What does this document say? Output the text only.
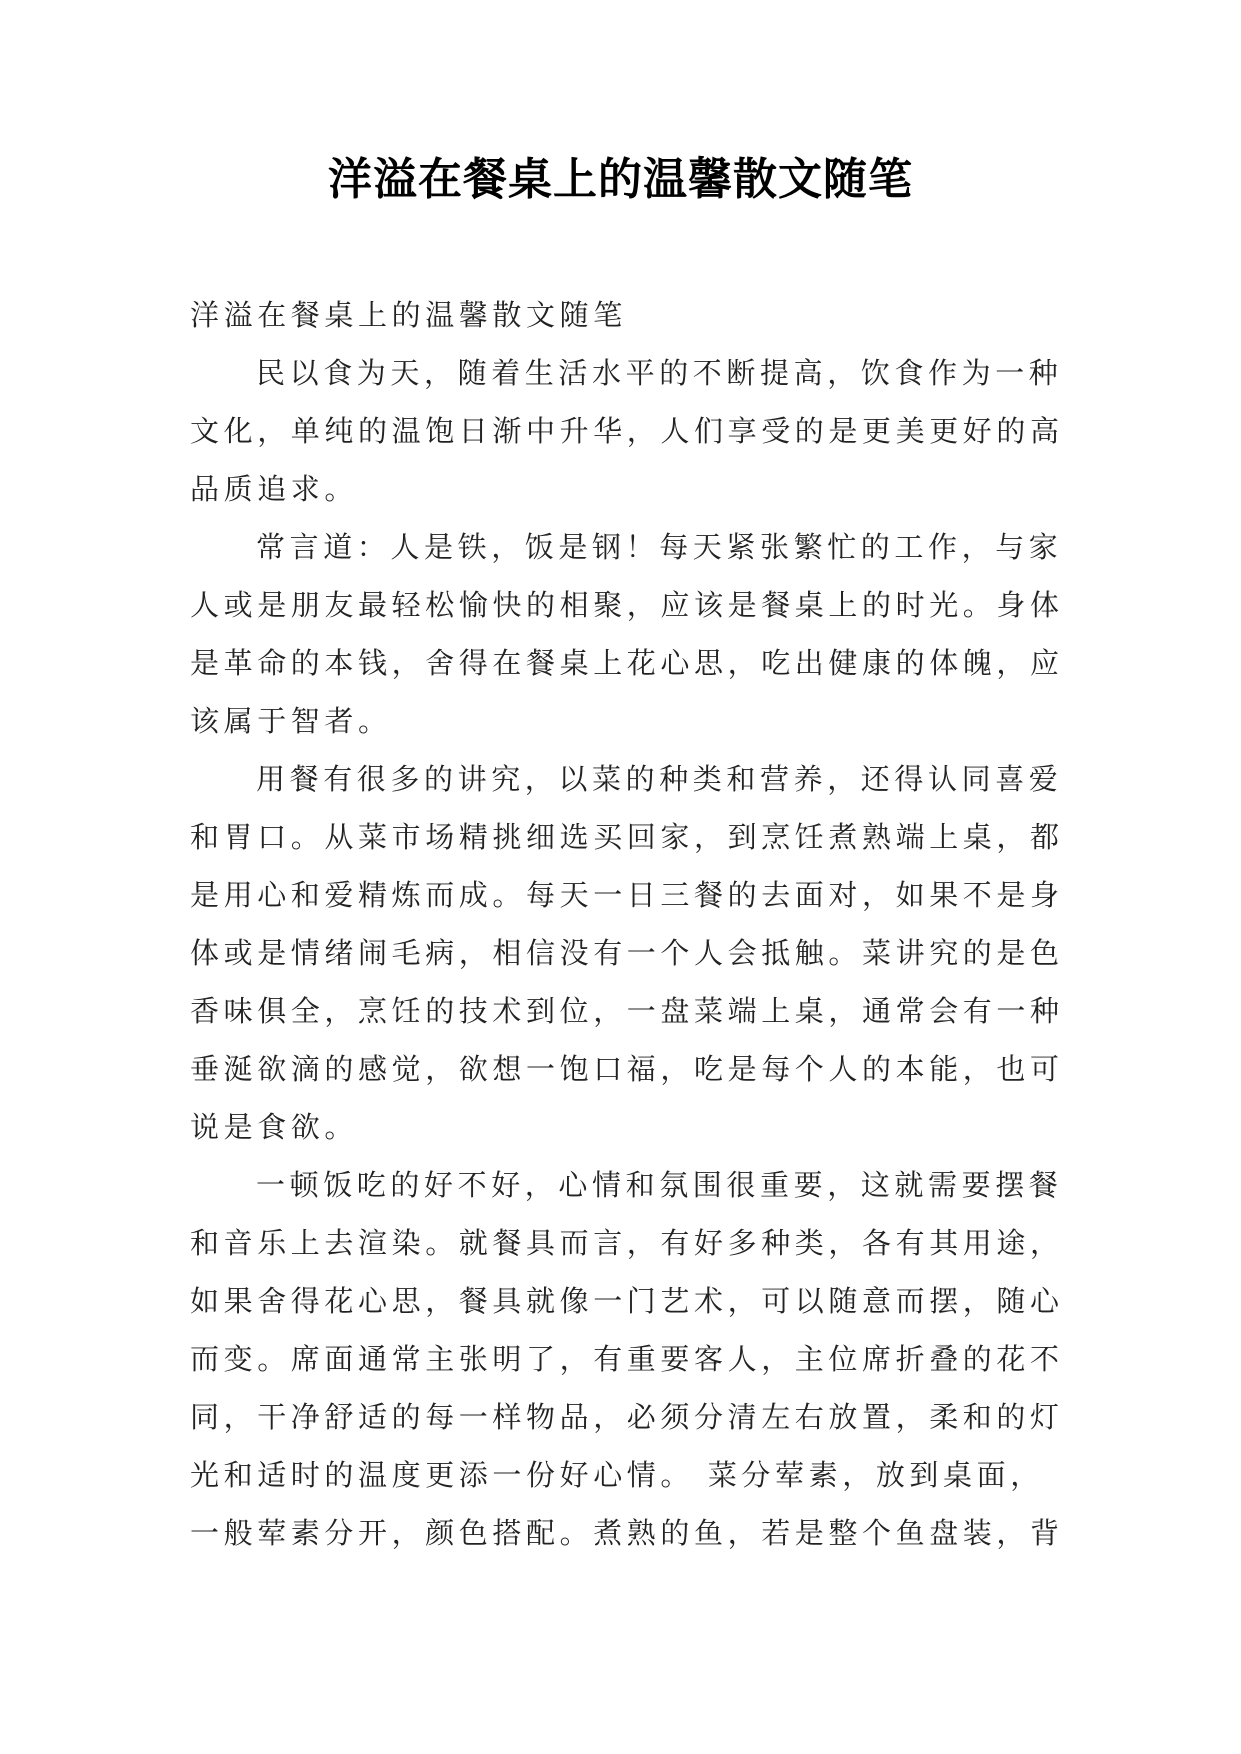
洋溢在餐桌上的温馨散文随笔

洋溢在餐桌上的温馨散文随笔

民以食为天，随着生活水平的不断提高，饮食作为一种
文化，单纯的温饱日渐中升华，人们享受的是更美更好的高
品质追求。
常言道：人是铁，饭是钢！每天紧张繁忙的工作，与家
人或是朋友最轻松愉快的相聚，应该是餐桌上的时光。身体
是革命的本钱，舍得在餐桌上花心思，吃出健康的体魄，应
该属于智者。
用餐有很多的讲究，以菜的种类和营养，还得认同喜爱
和胃口。从菜市场精挑细选买回家，到烹饪煮熟端上桌，都
是用心和爱精炼而成。每天一日三餐的去面对，如果不是身
体或是情绪闹毛病，相信没有一个人会抵触。菜讲究的是色
香味俱全，烹饪的技术到位，一盘菜端上桌，通常会有一种
垂涎欲滴的感觉，欲想一饱口福，吃是每个人的本能，也可
说是食欲。
一顿饭吃的好不好，心情和氛围很重要，这就需要摆餐
和音乐上去渲染。就餐具而言，有好多种类，各有其用途，
如果舍得花心思，餐具就像一门艺术，可以随意而摆，随心
而变。席面通常主张明了，有重要客人，主位席折叠的花不
同，干净舒适的每一样物品，必须分清左右放置，柔和的灯
光和适时的温度更添一份好心情。 菜分荤素，放到桌面，
一般荤素分开，颜色搭配。煮熟的鱼，若是整个鱼盘装，背
